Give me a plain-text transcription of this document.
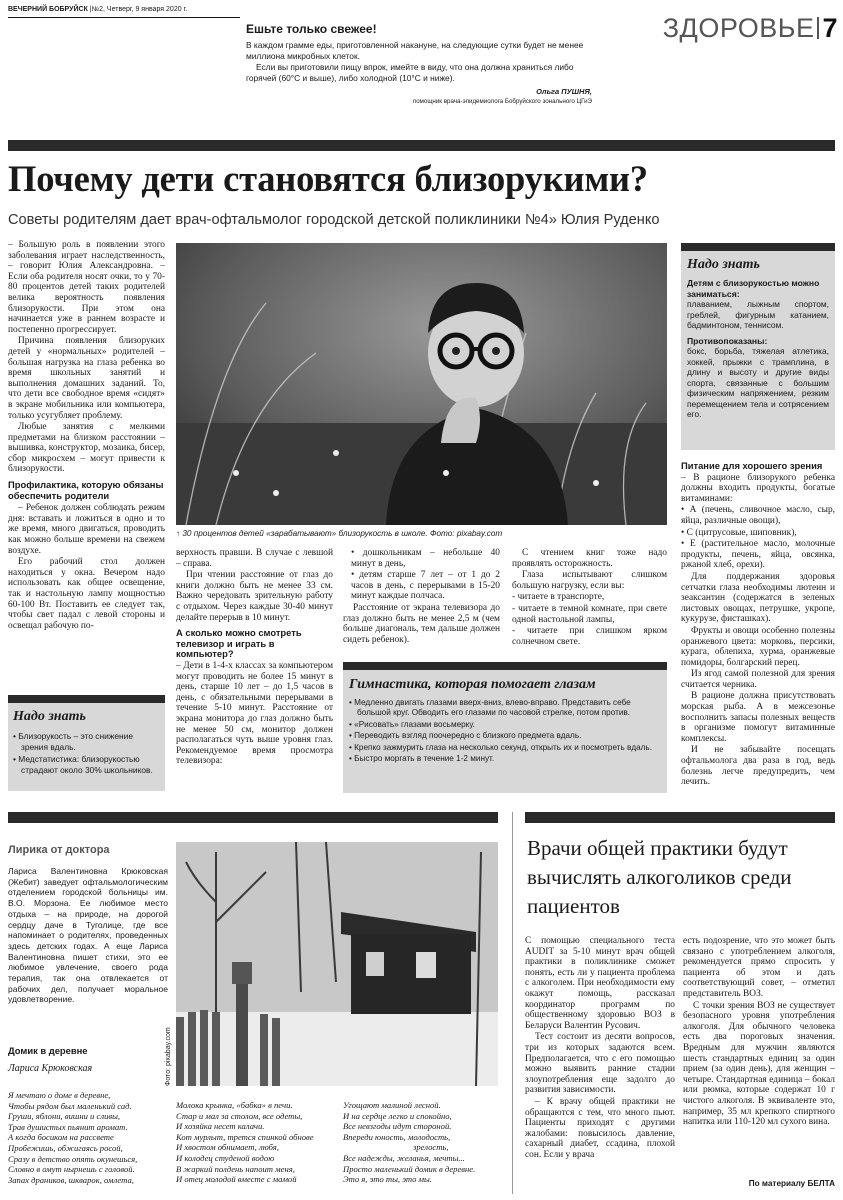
ВЕЧЕРНИЙ БОБРУЙСК |№2, Четверг, 9 января 2020 г.
ЗДОРОВЬЕ 7
Ешьте только свежее!
В каждом грамме еды, приготовленной накануне, на следующие сутки будет не менее миллиона микробных клеток.
Если вы приготовили пищу впрок, имейте в виду, что она должна храниться либо горячей (60°С и выше), либо холодной (10°С и ниже).
Ольга ПУШНЯ,
помощник врача-эпидемиолога Бобруйского зонального ЦГиЭ
Почему дети становятся близорукими?
Советы родителям дает врач-офтальмолог городской детской поликлиники №4» Юлия Руденко

– Большую роль в появлении этого заболевания играет наследственность, – говорит Юлия Александровна. – Если оба родителя носят очки, то у 70-80 процентов детей таких родителей велика вероятность появления близорукости. При этом она начинается уже в раннем возрасте и постепенно прогрессирует.

Причина появления близоруких детей у «нормальных» родителей – большая нагрузка на глаза ребенка во время школьных занятий и выполнения домашних заданий. То, что дети все свободное время «сидят» в экране мобильника или компьютера, только усугубляет проблему.

Любые занятия с мелкими предметами на близком расстоянии – вышивка, конструктор, мозаика, бисер, сбор микросхем – могут привести к близорукости.

Профилактика, которую обязаны обеспечить родители

– Ребенок должен соблюдать режим дня: вставать и ложиться в одно и то же время, много двигаться, проводить как можно больше времени на свежем воздухе.

Его рабочий стол должен находиться у окна. Вечером надо использовать как общее освещение, так и настольную лампу мощностью 60-100 Вт. Поставить ее следует так, чтобы свет падал с левой стороны и освещал рабочую по-

Надо знать
• Близорукость – это снижение зрения вдаль.
• Медстатистика: близорукостью страдают около 30% школьников.
↑ 30 процентов детей «зарабатывают» близорукость в школе. Фото: pixabay.com

верхность правши. В случае с левшой – справа.

При чтении расстояние от глаз до книги должно быть не менее 33 см. Важно чередовать зрительную работу с отдыхом. Через каждые 30-40 минут делайте перерыв в 10 минут.

А сколько можно смотреть телевизор и играть в компьютер?

– Дети в 1-4-х классах за компьютером могут проводить не более 15 минут в день, старше 10 лет – до 1,5 часов в день, с обязательными перерывами в течение 5-10 минут. Расстояние от экрана монитора до глаз должно быть не менее 50 см, монитор должен располагаться чуть выше уровня глаз. Рекомендуемое время просмотра телевизора:

• дошкольникам – небольше 40 минут в день,

• детям старше 7 лет – от 1 до 2 часов в день, с перерывами в 15-20 минут каждые полчаса.

Расстояние от экрана телевизора до глаз должно быть не менее 2,5 м (чем больше диагональ, тем дальше должен сидеть ребенок).

С чтением книг тоже надо проявлять осторожность.

Глаза испытывают слишком большую нагрузку, если вы:

- читаете в транспорте,

- читаете в темной комнате, при свете одной настольной лампы,

- читаете при слишком ярком солнечном свете.

Гимнастика, которая помогает глазам
• Медленно двигать глазами вверх-вниз, влево-вправо. Представить себе большой круг. Обводить его глазами по часовой стрелке, потом против.
• «Рисовать» глазами восьмерку.
• Переводить взгляд поочередно с близкого предмета вдаль.
• Крепко зажмурить глаза на несколько секунд, открыть их и посмотреть вдаль.
• Быстро моргать в течение 1-2 минут.
Надо знать
Детям с близорукостью можно заниматься:
плаванием, лыжным спортом, греблей, фигурным катанием, бадминтоном, теннисом.
Противопоказаны:
бокс, борьба, тяжелая атлетика, хоккей, прыжки с трамплина, в длину и высоту и другие виды спорта, связанные с большим физическим напряжением, резким перемещением тела и сотрясением его.
Питание для хорошего зрения

– В рационе близорукого ребенка должны входить продукты, богатые витаминами:

• А (печень, сливочное масло, сыр, яйца, различные овощи),

• С (цитрусовые, шиповник),

• Е (растительное масло, молочные продукты, печень, яйца, овсянка, ржаной хлеб, орехи).

Для поддержания здоровья сетчатки глаза необходимы лютеин и зеаксантин (содержатся в зеленых листовых овощах, петрушке, укропе, кукурузе, фисташках).

Фрукты и овощи особенно полезны оранжевого цвета: морковь, персики, курага, облепиха, хурма, оранжевые помидоры, болгарский перец.

Из ягод самой полезной для зрения считается черника.

В рационе должна присутствовать морская рыба. А в межсезонье восполнить запасы полезных веществ в организме помогут витаминные комплексы.

И не забывайте посещать офтальмолога два раза в год, ведь болезнь легче предупредить, чем лечить.

Лирика от доктора
Лариса Валентиновна Крюковская (Жебит) заведует офтальмологическим отделением городской больницы им. В.О. Морзона. Ее любимое место отдыха – на природе, на дорогой сердцу даче в Туголице, где все напоминает о родителях, проведенных здесь детских годах. А еще Лариса Валентиновна пишет стихи, это ее любимое увлечение, своего рода терапия, так она отвлекается от рабочих дел, получает моральное удовлетворение.
Домик в деревне
Лариса Крюковская	Фото: pixabay.com

Я мечтаю о доме в деревне,

Чтобы рядом был маленький сад.

Груши, яблони, вишни и сливы,

Трав душистых пьянит аромат.

А когда босиком на рассвете

Пробежишь, обжигаясь росой,

Сразу в детство опять окунешься,

Словно в омут нырнешь с головой.

Запах драников, шкварок, омлета,

Молока крынка, «бабка» в печи.

Стар и мал за столом, все одеты,

И хозяйка несет калачи.

Кот мурлыт, трется спинкой обнове

И хвостом обнимает, любя,

И колодец студеной водою

В жаркий полдень напоит меня,

И отец молодой вместе с мамой

Угощают малиной лесной.

И на сердце легко и спокойно,

Все невзгоды идут стороной.

Впереди юность, молодость,

зрелость,

Все надежды, желанья, мечты...

Просто маленький домик в деревне.

Это я, это ты, это мы.

Врачи общей практики будут вычислять алкоголиков среди пациентов

С помощью специального теста AUDIT за 5-10 минут врач общей практики в поликлинике сможет понять, есть ли у пациента проблема с алкоголем. При необходимости ему окажут помощь, рассказал координатор программ по общественному здоровью ВОЗ в Беларуси Валентин Русович.

Тест состоит из десяти вопросов, три из которых задаются всем. Предполагается, что с его помощью можно выявить ранние стадии злоупотребления еще задолго до развития зависимости.

– К врачу общей практики не обращаются с тем, что много пьют. Пациенты приходят с другими жалобами: повысилось давление, сахарный диабет, ссадина, плохой сон. Если у врача

есть подозрение, что это может быть связано с употреблением алкоголя, рекомендуется прямо спросить у пациента об этом и дать соответствующий совет, – отметил представитель ВОЗ.

С точки зрения ВОЗ не существует безопасного уровня употребления алкоголя. Для обычного человека есть два пороговых значения. Вредным для мужчин являются шесть стандартных единиц за один прием (за один день), для женщин – четыре. Стандартная единица – бокал или рюмка, которые содержат 10 г чистого алкоголя. В эквиваленте это, например, 35 мл крепкого спиртного напитка или 110-120 мл сухого вина.

По материалу БЕЛТА
